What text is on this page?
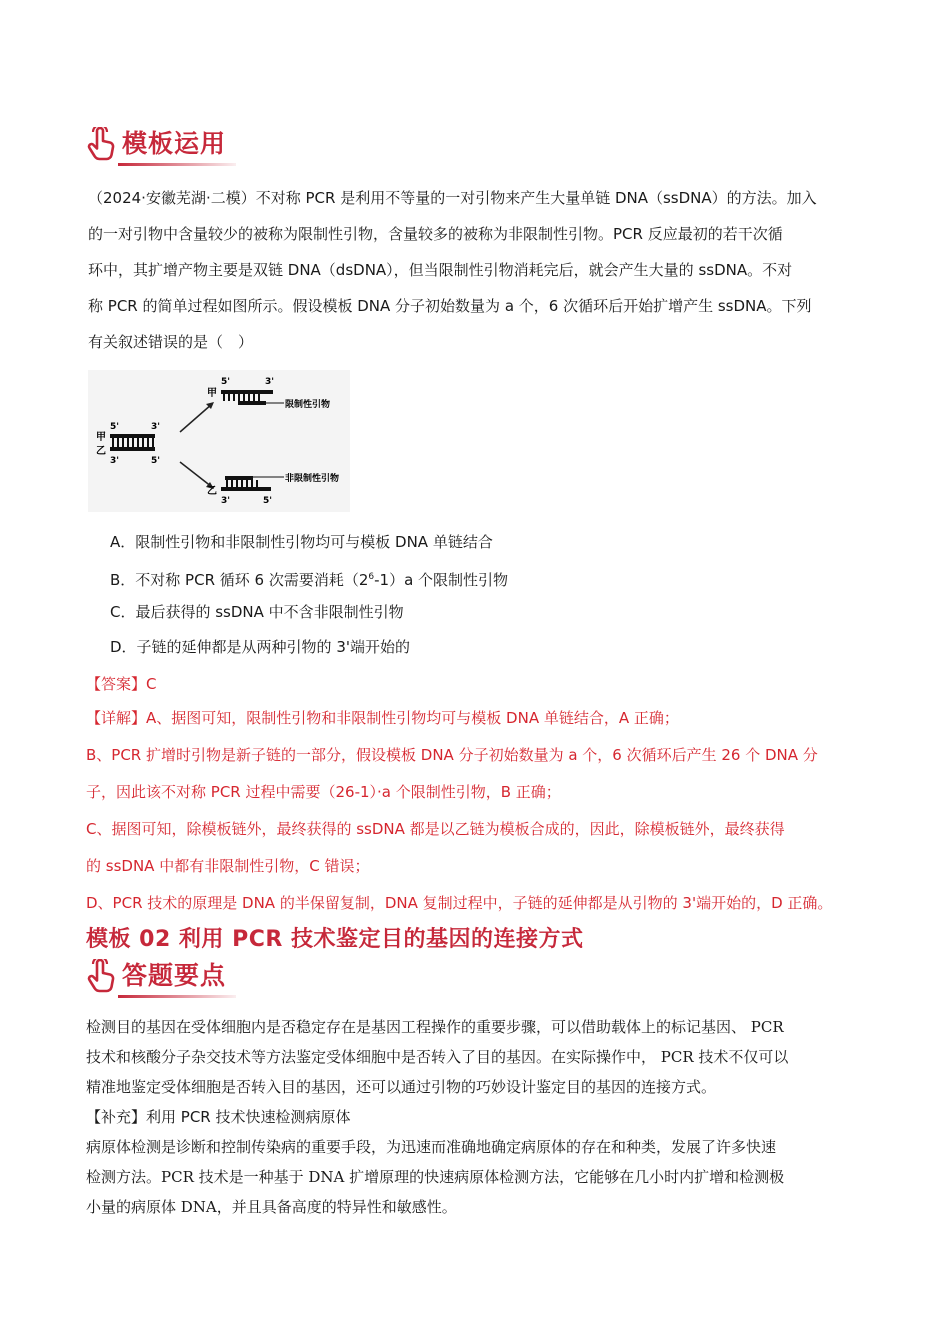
模板运用

（2024·安徽芜湖·二模）不对称 PCR 是利用不等量的一对引物来产生大量单链 DNA（ssDNA）的方法。加入

的一对引物中含量较少的被称为限制性引物，含量较多的被称为非限制性引物。PCR 反应最初的若干次循

环中，其扩增产物主要是双链 DNA（dsDNA），但当限制性引物消耗完后，就会产生大量的 ssDNA。不对

称 PCR 的简单过程如图所示。假设模板 DNA 分子初始数量为 a 个，6 次循环后开始扩增产生 ssDNA。下列

有关叙述错误的是（　）

5'	3'
甲
乙
3'	5'
5'	3'
甲
限制性引物
非限制性引物
乙
3'	5'
A．限制性引物和非限制性引物均可与模板 DNA 单链结合
B．不对称 PCR 循环 6 次需要消耗$(2^6-1)a$ 个限制性引物
C．最后获得的 ssDNA 中不含非限制性引物
D．子链的延伸都是从两种引物的 3'端开始的
【答案】C

【详解】A、据图可知，限制性引物和非限制性引物均可与模板 DNA 单链结合，A 正确；

B、PCR 扩增时引物是新子链的一部分，假设模板 DNA 分子初始数量为 a 个，6 次循环后产生 26 个 DNA 分

子，因此该不对称 PCR 过程中需要（26-1）·a 个限制性引物，B 正确；

C、据图可知，除模板链外，最终获得的 ssDNA 都是以乙链为模板合成的，因此，除模板链外，最终获得

的 ssDNA 中都有非限制性引物，C 错误；

D、PCR 技术的原理是 DNA 的半保留复制，DNA 复制过程中，子链的延伸都是从引物的 3'端开始的，D 正确。

模板 02 利用 PCR 技术鉴定目的基因的连接方式
答题要点

检测目的基因在受体细胞内是否稳定存在是基因工程操作的重要步骤，可以借助载体上的标记基因、 PCR

技术和核酸分子杂交技术等方法鉴定受体细胞中是否转入了目的基因。在实际操作中， PCR 技术不仅可以

精准地鉴定受体细胞是否转入目的基因，还可以通过引物的巧妙设计鉴定目的基因的连接方式。

【补充】利用 PCR 技术快速检测病原体

病原体检测是诊断和控制传染病的重要手段，为迅速而准确地确定病原体的存在和种类，发展了许多快速

检测方法。PCR 技术是一种基于 DNA 扩增原理的快速病原体检测方法，它能够在几小时内扩增和检测极

小量的病原体 DNA，并且具备高度的特异性和敏感性。
